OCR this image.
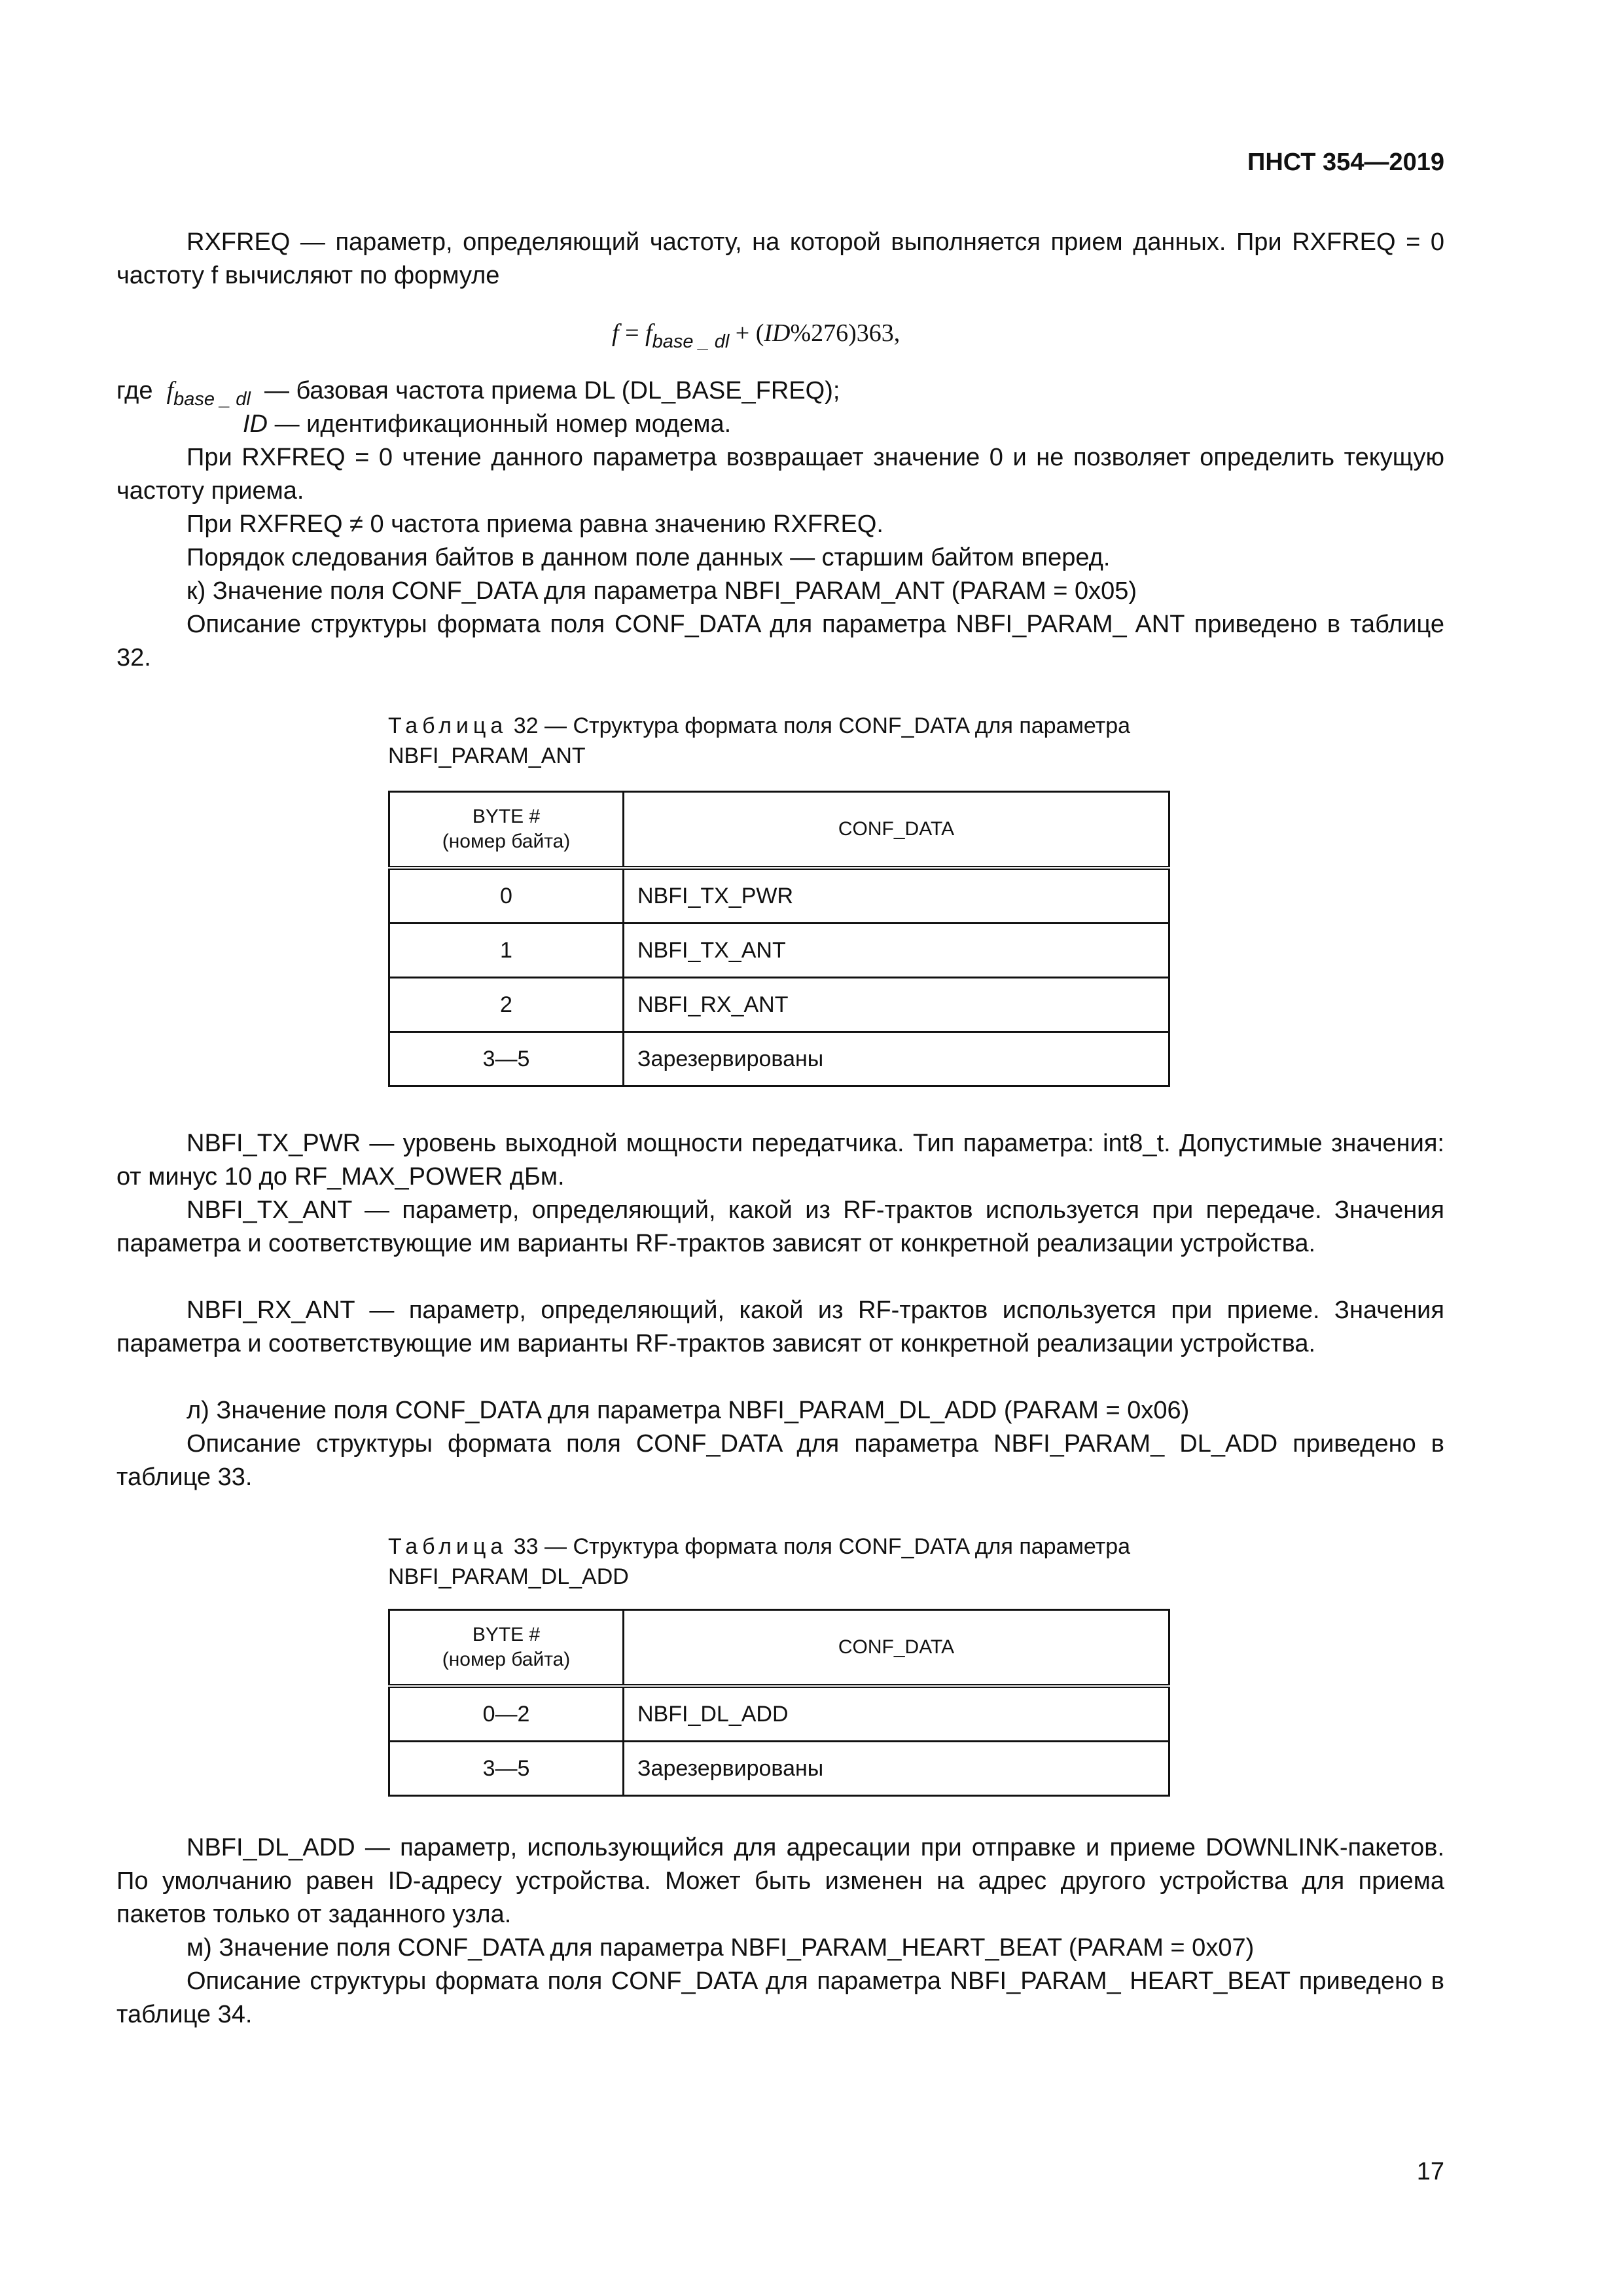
ПНСТ 354—2019

RXFREQ — параметр, определяющий частоту, на которой выполняется прием данных. При RXFREQ = 0 частоту f вычисляют по формуле

$f = f_{base \_ dl} + (ID\%276)363$,
где $f_{base \_ dl}$ — базовая частота приема DL (DL_BASE_FREQ);
ID — идентификационный номер модема.

При RXFREQ = 0 чтение данного параметра возвращает значение 0 и не позволяет определить текущую частоту приема.

При RXFREQ ≠ 0 частота приема равна значению RXFREQ.

Порядок следования байтов в данном поле данных — старшим байтом вперед.

к) Значение поля CONF_DATA для параметра NBFI_PARAM_ANT (PARAM = 0x05)

Описание структуры формата поля CONF_DATA для параметра NBFI_PARAM_ ANT приведено в таблице 32.

Таблица 32 — Структура формата поля CONF_DATA для параметра
NBFI_PARAM_ANT
BYTE #
(номер байта)	CONF_DATA
0	NBFI_TX_PWR
1	NBFI_TX_ANT
2	NBFI_RX_ANT
3—5	Зарезервированы

NBFI_TX_PWR — уровень выходной мощности передатчика. Тип параметра: int8_t. Допустимые значения: от минус 10 до RF_MAX_POWER дБм.

NBFI_TX_ANT — параметр, определяющий, какой из RF-трактов используется при передаче. Значения параметра и соответствующие им варианты RF-трактов зависят от конкретной реализации устройства.

NBFI_RX_ANT — параметр, определяющий, какой из RF-трактов используется при приеме. Значения параметра и соответствующие им варианты RF-трактов зависят от конкретной реализации устройства.

л) Значение поля CONF_DATA для параметра NBFI_PARAM_DL_ADD (PARAM = 0x06)

Описание структуры формата поля CONF_DATA для параметра NBFI_PARAM_ DL_ADD приведено в таблице 33.

Таблица 33 — Структура формата поля CONF_DATA для параметра
NBFI_PARAM_DL_ADD
BYTE #
(номер байта)	CONF_DATA
0—2	NBFI_DL_ADD
3—5	Зарезервированы

NBFI_DL_ADD — параметр, использующийся для адресации при отправке и приеме DOWNLINK-пакетов. По умолчанию равен ID-адресу устройства. Может быть изменен на адрес другого устройства для приема пакетов только от заданного узла.

м) Значение поля CONF_DATA для параметра NBFI_PARAM_HEART_BEAT (PARAM = 0x07)

Описание структуры формата поля CONF_DATA для параметра NBFI_PARAM_ HEART_BEAT приведено в таблице 34.

17
